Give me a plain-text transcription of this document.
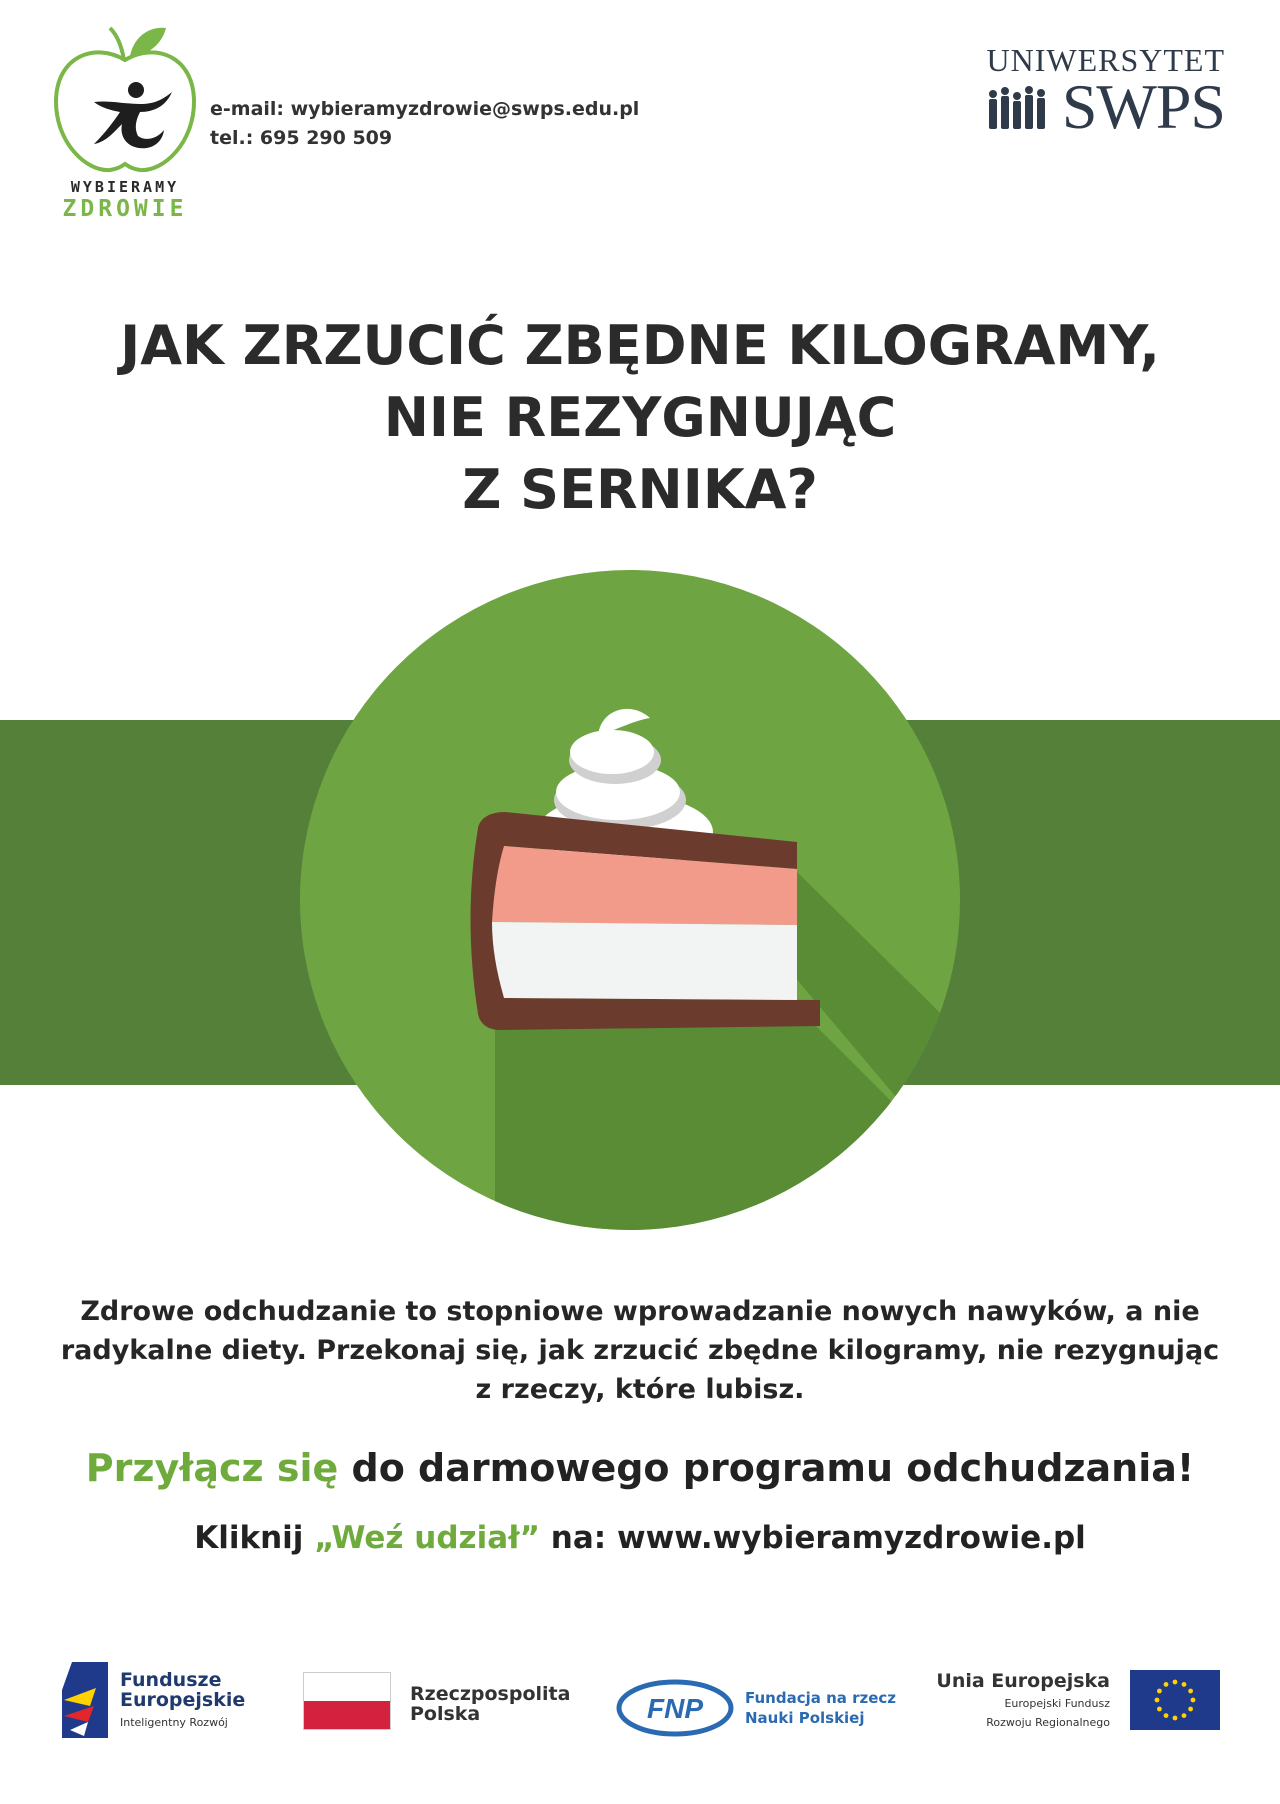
WYBIERAMY
ZDROWIE
e-mail: wybieramyzdrowie@swps.edu.pl
tel.: 695 290 509
UNIWERSYTET
SWPS
JAK ZRZUCIĆ ZBĘDNE KILOGRAMY,
NIE REZYGNUJĄC
Z SERNIKA?
Zdrowe odchudzanie to stopniowe wprowadzanie nowych nawyków, a nie
radykalne diety. Przekonaj się, jak zrzucić zbędne kilogramy, nie rezygnując
z rzeczy, które lubisz.
Przyłącz się do darmowego programu odchudzania!
Kliknij „Weź udział” na: www.wybieramyzdrowie.pl
Fundusze
Europejskie
Inteligentny Rozwój
Rzeczpospolita
Polska	FNP	Fundacja na rzecz
Nauki Polskiej
Unia Europejska
Europejski Fundusz
Rozwoju Regionalnego
